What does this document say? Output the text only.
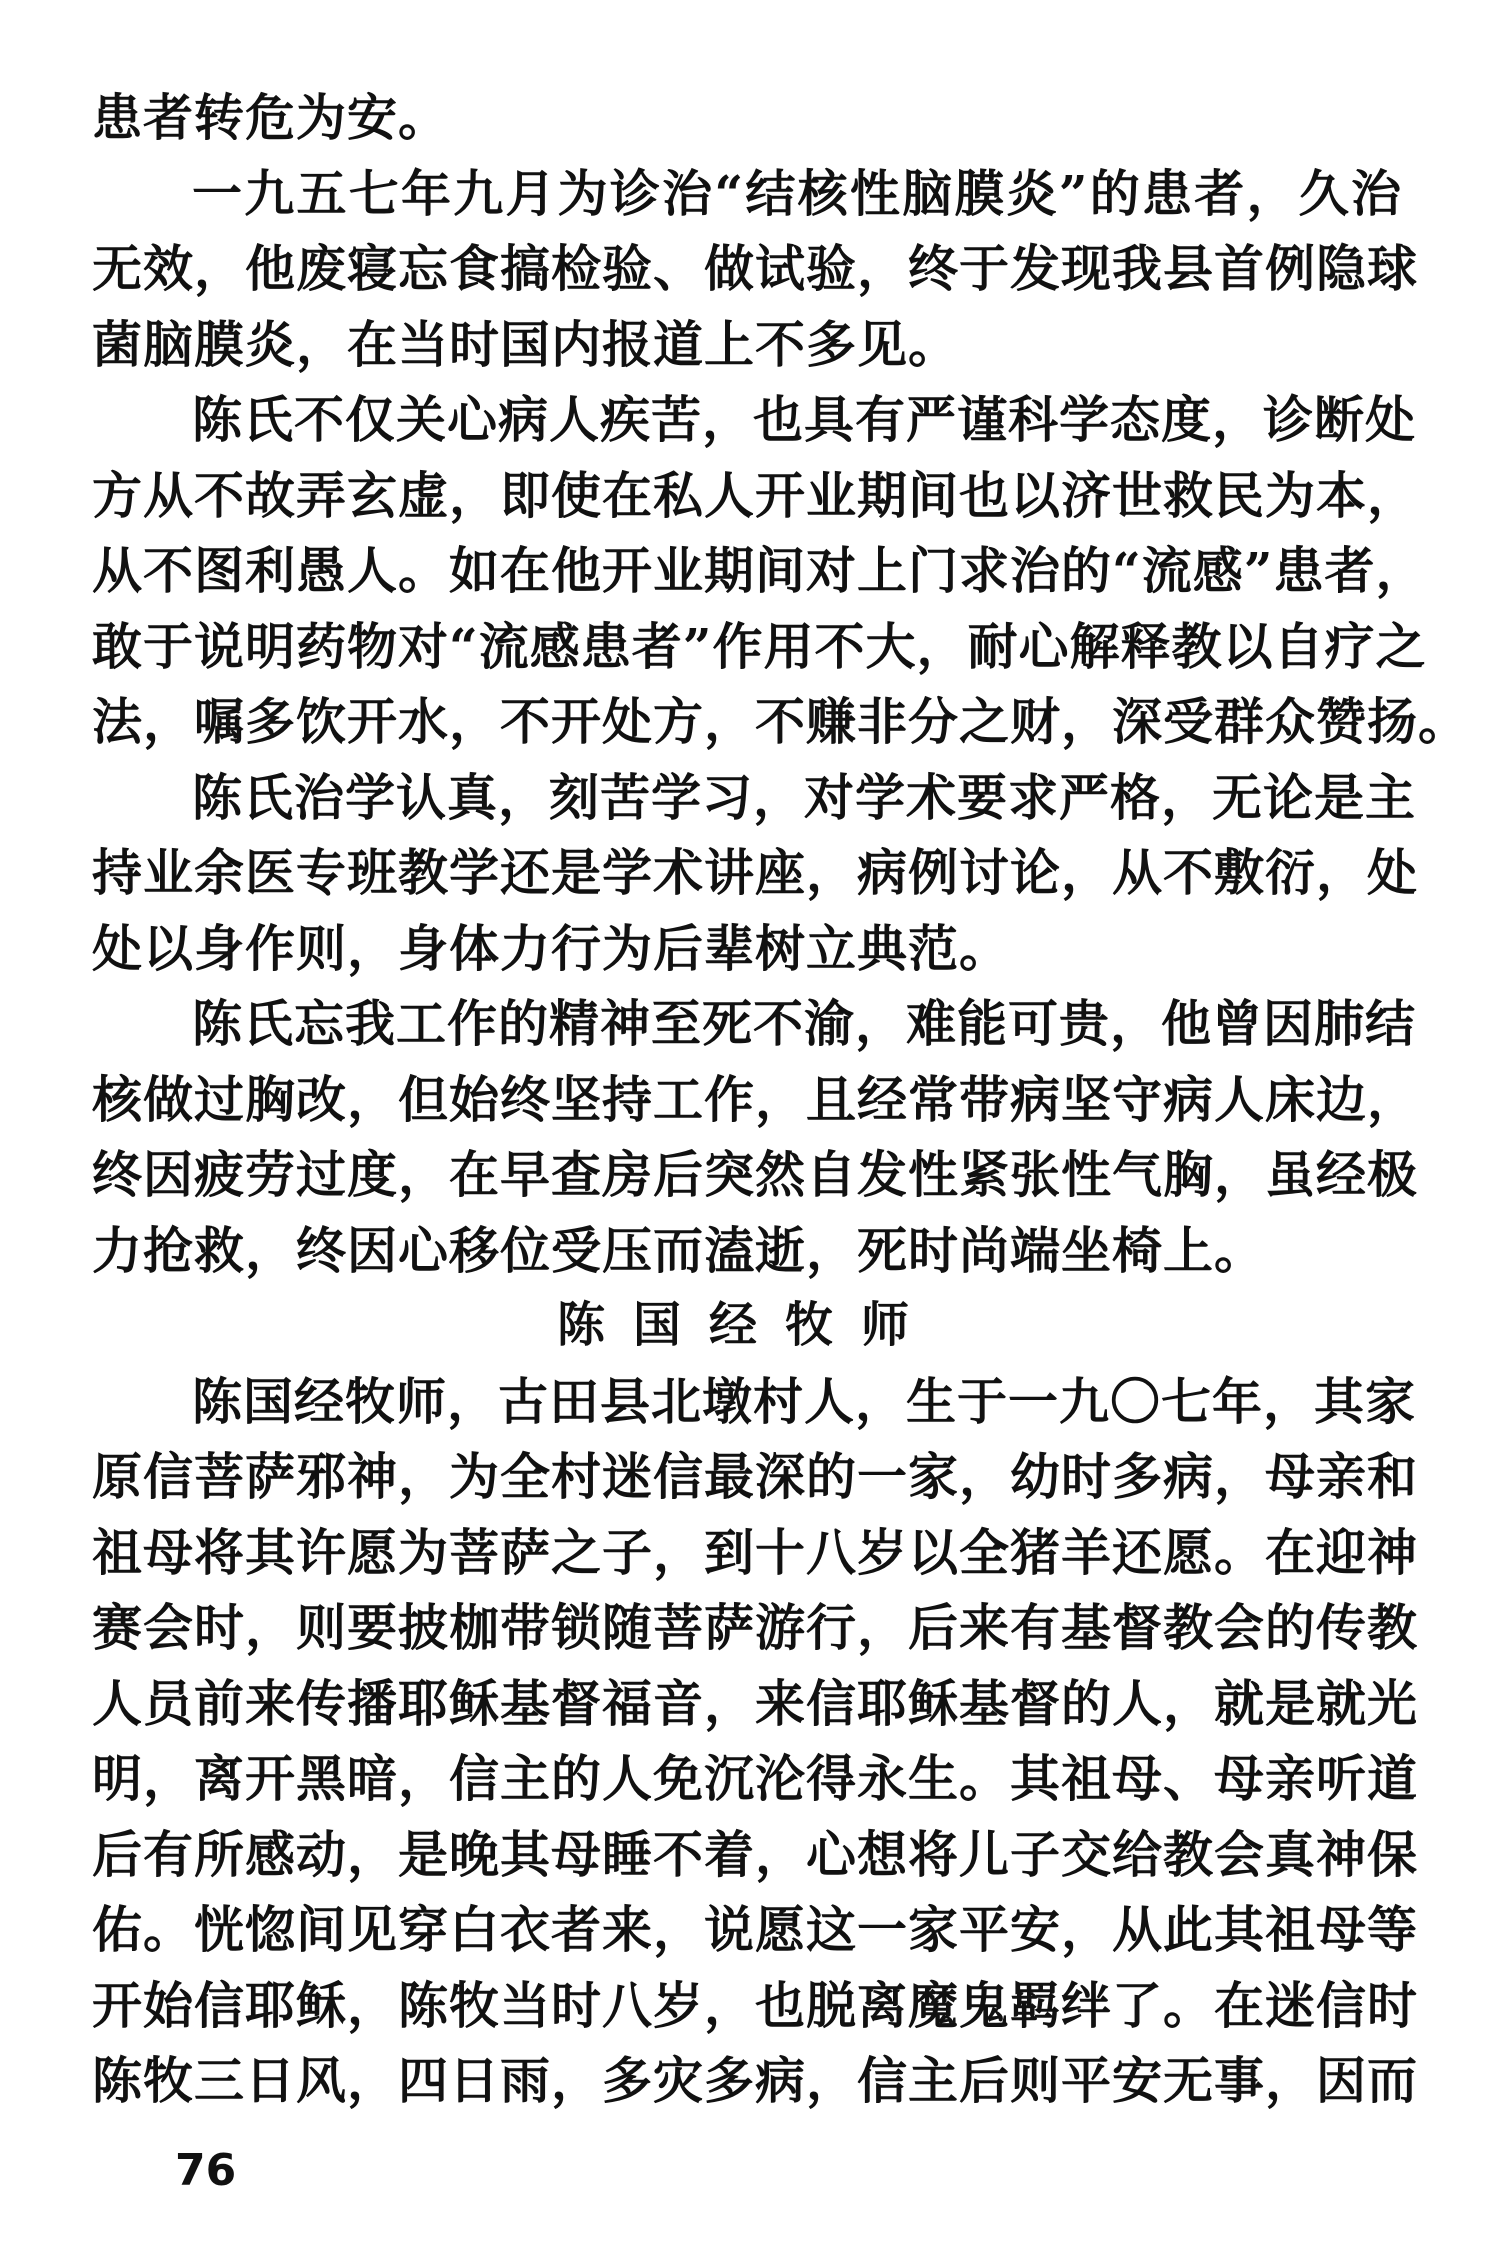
患者转危为安。
一九五七年九月为诊治“结核性脑膜炎”的患者，久治
无效，他废寝忘食搞检验、做试验，终于发现我县首例隐球
菌脑膜炎，在当时国内报道上不多见。
陈氏不仅关心病人疾苦，也具有严谨科学态度，诊断处
方从不故弄玄虚，即使在私人开业期间也以济世救民为本，
从不图利愚人。如在他开业期间对上门求治的“流感”患者，
敢于说明药物对“流感患者”作用不大，耐心解释教以自疗之
法，嘱多饮开水，不开处方，不赚非分之财，深受群众赞扬。
陈氏治学认真，刻苦学习，对学术要求严格，无论是主
持业余医专班教学还是学术讲座，病例讨论，从不敷衍，处
处以身作则，身体力行为后辈树立典范。
陈氏忘我工作的精神至死不渝，难能可贵，他曾因肺结
核做过胸改，但始终坚持工作，且经常带病坚守病人床边，
终因疲劳过度，在早查房后突然自发性紧张性气胸，虽经极
力抢救，终因心移位受压而溘逝，死时尚端坐椅上。
陈国经牧师
陈国经牧师，古田县北墩村人，生于一九〇七年，其家
原信菩萨邪神，为全村迷信最深的一家，幼时多病，母亲和
祖母将其许愿为菩萨之子，到十八岁以全猪羊还愿。在迎神
赛会时，则要披枷带锁随菩萨游行，后来有基督教会的传教
人员前来传播耶稣基督福音，来信耶稣基督的人，就是就光
明，离开黑暗，信主的人免沉沦得永生。其祖母、母亲听道
后有所感动，是晚其母睡不着，心想将儿子交给教会真神保
佑。恍惚间见穿白衣者来，说愿这一家平安，从此其祖母等
开始信耶稣，陈牧当时八岁，也脱离魔鬼羁绊了。在迷信时
陈牧三日风，四日雨，多灾多病，信主后则平安无事，因而
76
